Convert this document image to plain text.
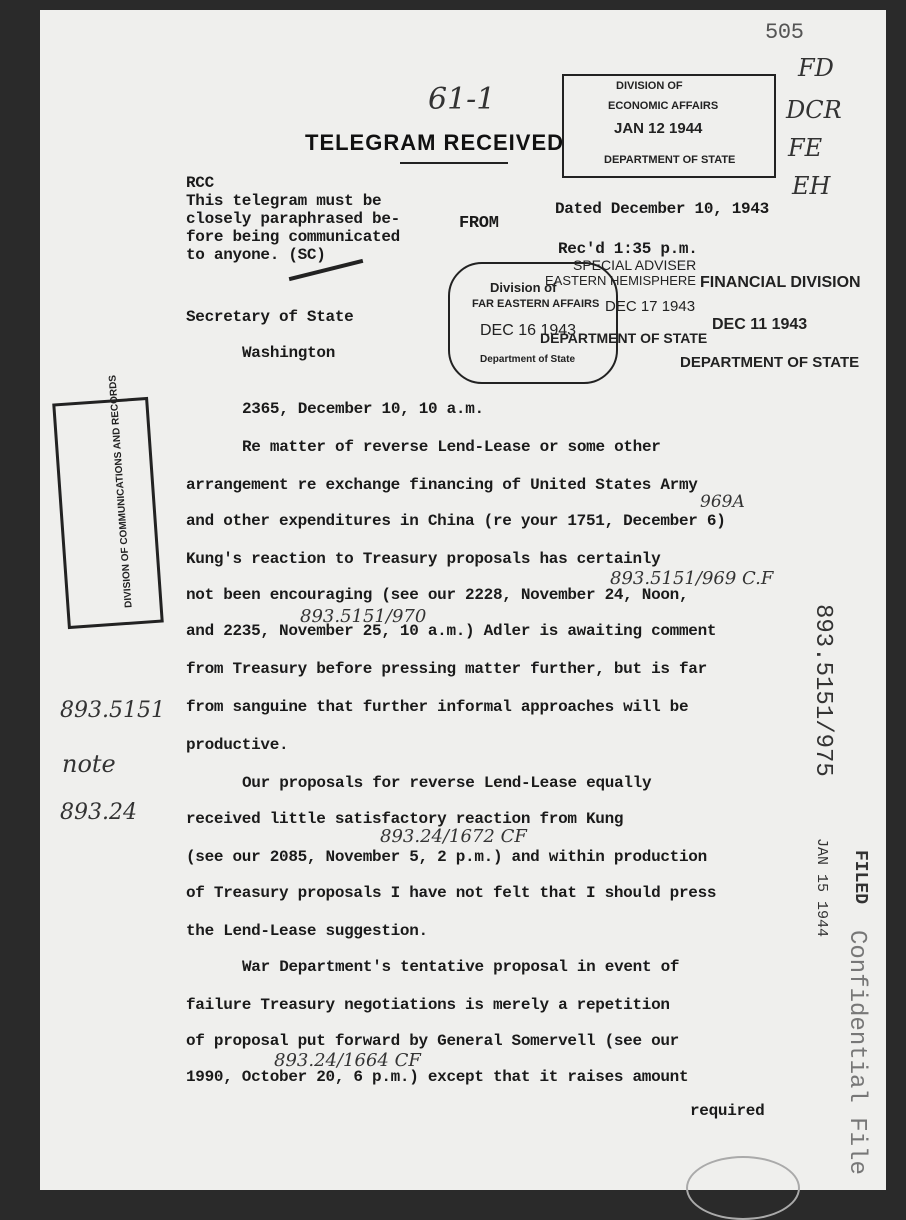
505
61-1
TELEGRAM RECEIVED
RCC
This telegram must be
closely paraphrased be-
fore being communicated
to anyone. (SC)
FROM
Dated December 10, 1943
Rec'd 1:35 p.m.
DIVISION OF
ECONOMIC AFFAIRS
JAN 12 1944
DEPARTMENT OF STATE
FD
DCR
FE
EH
Division of
FAR EASTERN AFFAIRS
DEC 16 1943
Department of State
SPECIAL ADVISER
EASTERN HEMISPHERE
DEC 17 1943
DEPARTMENT OF STATE
FINANCIAL DIVISION
DEC 11 1943
DEPARTMENT OF STATE
Secretary of State
Washington
DIVISION OF COMMUNICATIONS AND RECORDS	2365, December 10, 10 a.m.
Re matter of reverse Lend-Lease or some other
arrangement re exchange financing of United States Army
and other expenditures in China (re your 1751, December 6)
Kung's reaction to Treasury proposals has certainly
not been encouraging (see our 2228, November 24, Noon,
and 2235, November 25, 10 a.m.) Adler is awaiting comment
from Treasury before pressing matter further, but is far
from sanguine that further informal approaches will be
productive.
Our proposals for reverse Lend-Lease equally
received little satisfactory reaction from Kung
(see our 2085, November 5, 2 p.m.) and within production
of Treasury proposals I have not felt that I should press
the Lend-Lease suggestion.
War Department's tentative proposal in event of
failure Treasury negotiations is merely a repetition
of proposal put forward by General Somervell (see our
1990, October 20, 6 p.m.) except that it raises amount
required
969A
893.5151/969 C.F
893.5151/970
893.24/1672 CF
893.24/1664 CF
893.5151
note
893.24
893.5151/975
FILED
JAN 15 1944
Confidential File
